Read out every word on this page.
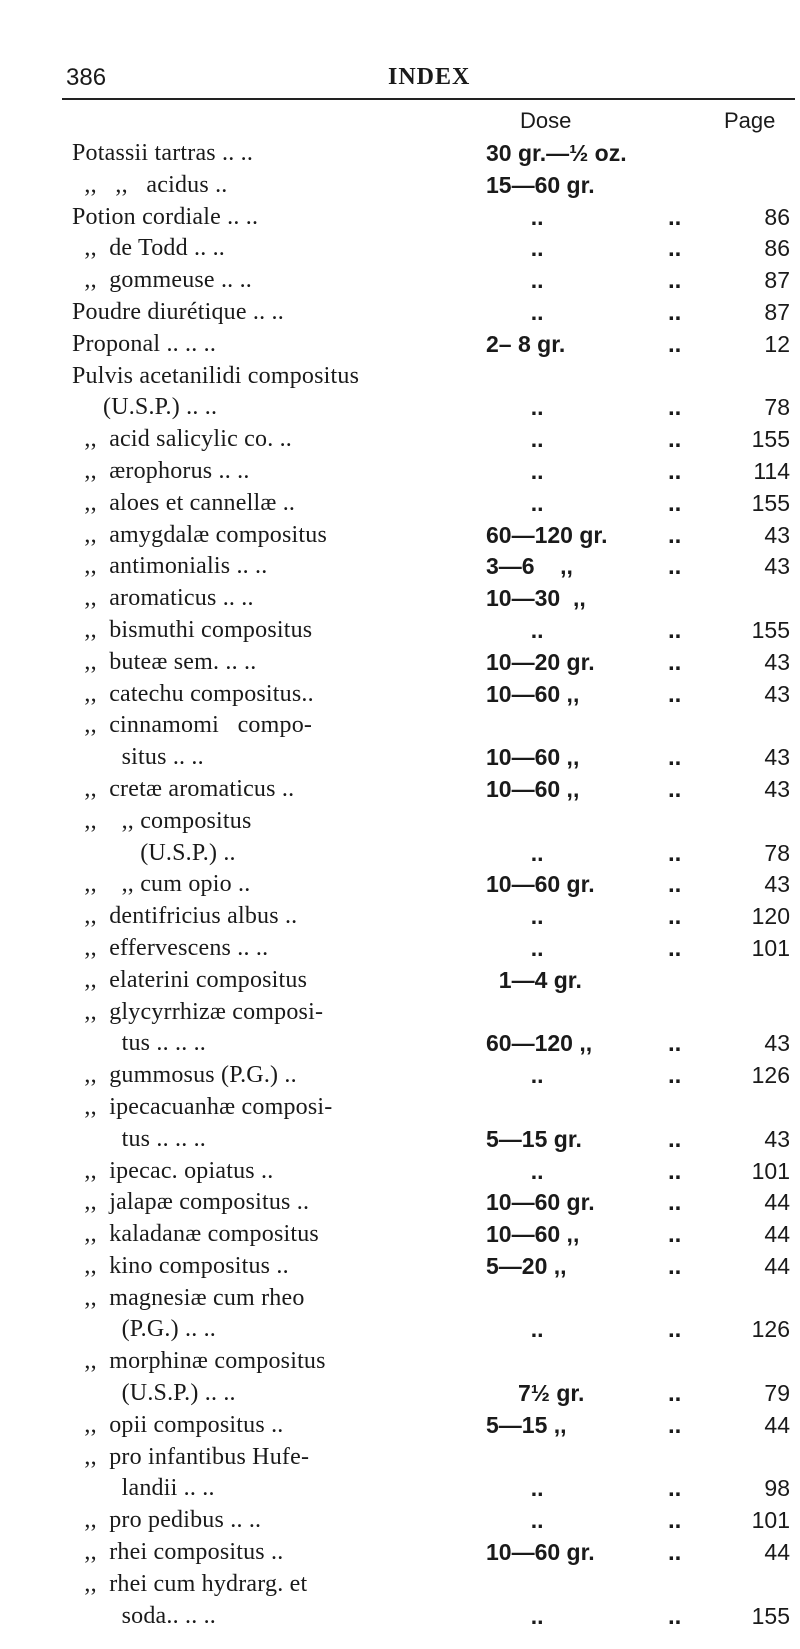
386	INDEX
Dose	Page
Potassii tartras .. ..	30 gr.—½ oz.
,,   ,,   acidus ..	15—60 gr.
Potion cordiale .. ..	..	..	86
,,  de Todd .. ..	..	..	86
,,  gommeuse .. ..	..	..	87
Poudre diurétique .. ..	..	..	87
Proponal .. .. ..	2– 8 gr.	..	12
Pulvis acetanilidi compositus
(U.S.P.) .. ..	..	..	78
,,  acid salicylic co. ..	..	..	155
,,  ærophorus .. ..	..	..	114
,,  aloes et cannellæ ..	..	..	155
,,  amygdalæ compositus	60—120 gr.	..	43
,,  antimonialis .. ..	3—6    ,,	..	43
,,  aromaticus .. ..	10—30  ,,
,,  bismuthi compositus	..	..	155
,,  buteæ sem. .. ..	10—20 gr.	..	43
,,  catechu compositus..	10—60 ,,	..	43
,,  cinnamomi   compo-
situs .. ..	10—60 ,,	..	43
,,  cretæ aromaticus ..	10—60 ,,	..	43
,,    ,, compositus
(U.S.P.) ..	..	..	78
,,    ,, cum opio ..	10—60 gr.	..	43
,,  dentifricius albus ..	..	..	120
,,  effervescens .. ..	..	..	101
,,  elaterini compositus	1—4 gr.
,,  glycyrrhizæ composi-
tus .. .. ..	60—120 ,,	..	43
,,  gummosus (P.G.) ..	..	..	126
,,  ipecacuanhæ composi-
tus .. .. ..	5—15 gr.	..	43
,,  ipecac. opiatus ..	..	..	101
,,  jalapæ compositus ..	10—60 gr.	..	44
,,  kaladanæ compositus	10—60 ,,	..	44
,,  kino compositus ..	5—20 ,,	..	44
,,  magnesiæ cum rheo
(P.G.) .. ..	..	..	126
,,  morphinæ compositus
(U.S.P.) .. ..	7½ gr.	..	79
,,  opii compositus ..	5—15 ,,	..	44
,,  pro infantibus Hufe-
landii .. ..	..	..	98
,,  pro pedibus .. ..	..	..	101
,,  rhei compositus ..	10—60 gr.	..	44
,,  rhei cum hydrarg. et
soda.. .. ..	..	..	155
